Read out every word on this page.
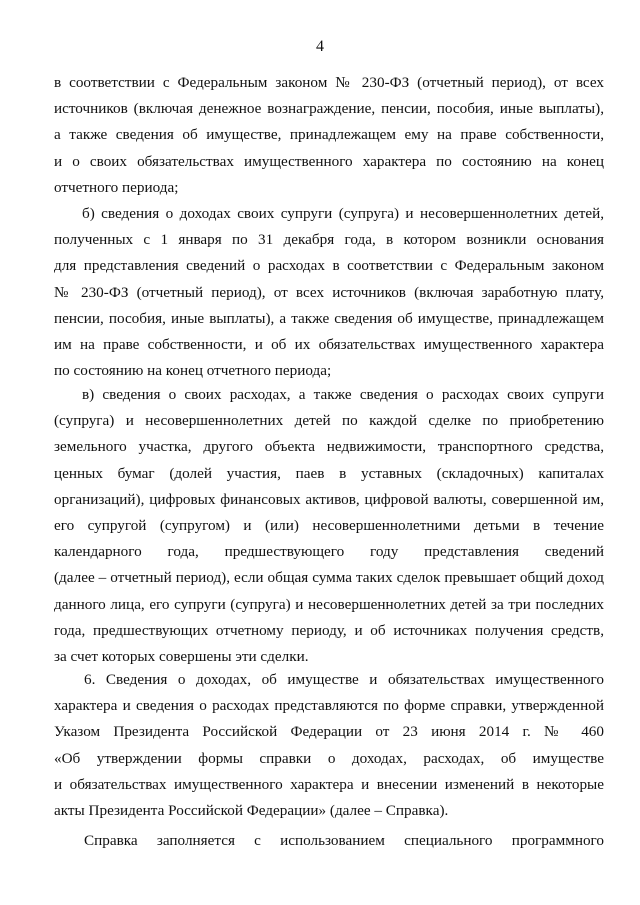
4
в соответствии с Федеральным законом № 230-ФЗ (отчетный период), от всех
источников (включая денежное вознаграждение, пенсии, пособия, иные выплаты),
а также сведения об имуществе, принадлежащем ему на праве собственности,
и о своих обязательствах имущественного характера по состоянию на конец
отчетного периода;
б) сведения о доходах своих супруги (супруга) и несовершеннолетних детей,
полученных с 1 января по 31 декабря года, в котором возникли основания
для представления сведений о расходах в соответствии с Федеральным законом
№ 230-ФЗ (отчетный период), от всех источников (включая заработную плату,
пенсии, пособия, иные выплаты), а также сведения об имуществе, принадлежащем
им на праве собственности, и об их обязательствах имущественного характера
по состоянию на конец отчетного периода;
в) сведения о своих расходах, а также сведения о расходах своих супруги
(супруга) и несовершеннолетних детей по каждой сделке по приобретению
земельного участка, другого объекта недвижимости, транспортного средства,
ценных бумаг (долей участия, паев в уставных (складочных) капиталах
организаций), цифровых финансовых активов, цифровой валюты, совершенной им,
его супругой (супругом) и (или) несовершеннолетними детьми в течение
календарного года, предшествующего году представления сведений
(далее – отчетный период), если общая сумма таких сделок превышает общий доход
данного лица, его супруги (супруга) и несовершеннолетних детей за три последних
года, предшествующих отчетному периоду, и об источниках получения средств,
за счет которых совершены эти сделки.
6. Сведения о доходах, об имуществе и обязательствах имущественного
характера и сведения о расходах представляются по форме справки, утвержденной
Указом Президента Российской Федерации от 23 июня 2014 г. № 460
«Об утверждении формы справки о доходах, расходах, об имуществе
и обязательствах имущественного характера и внесении изменений в некоторые
акты Президента Российской Федерации» (далее – Справка).
Справка заполняется с использованием специального программного
